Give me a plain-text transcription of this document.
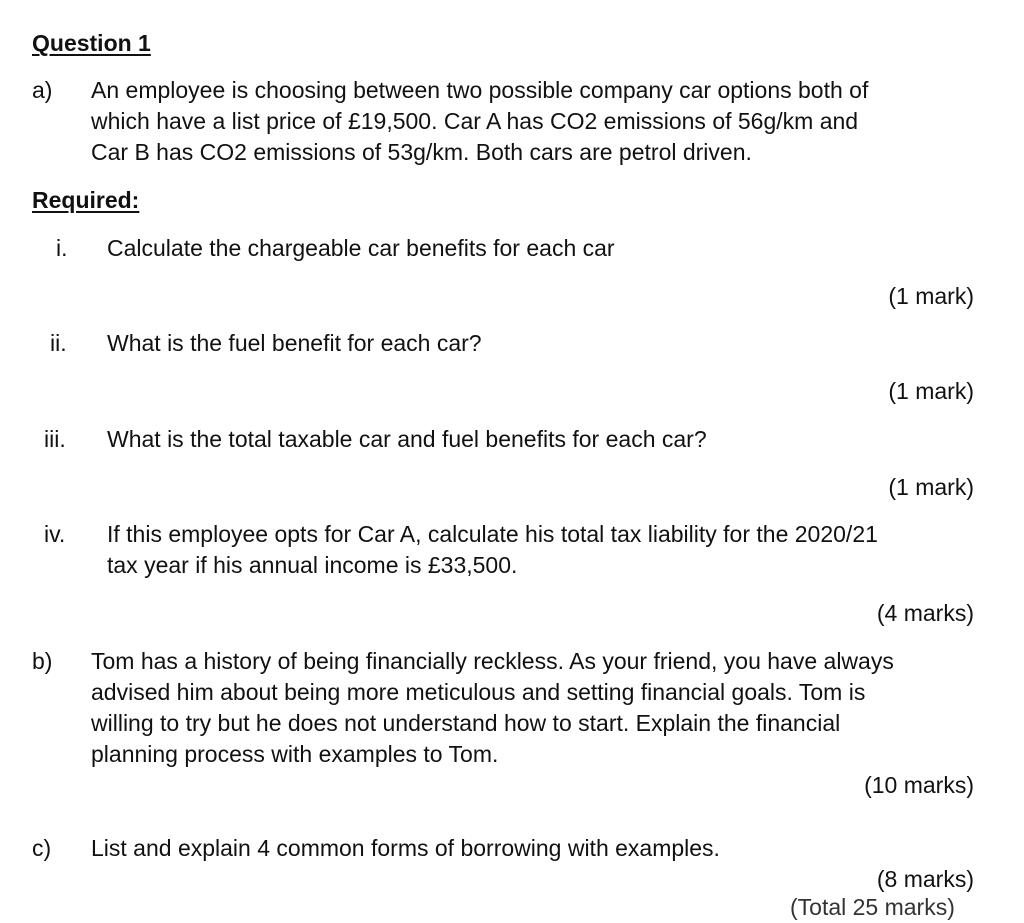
Question 1
a) An employee is choosing between two possible company car options both of
which have a list price of £19,500. Car A has CO2 emissions of 56g/km and
Car B has CO2 emissions of 53g/km. Both cars are petrol driven.
Required:
i. Calculate the chargeable car benefits for each car
(1 mark)
ii. What is the fuel benefit for each car?
(1 mark)
iii. What is the total taxable car and fuel benefits for each car?
(1 mark)
iv. If this employee opts for Car A, calculate his total tax liability for the 2020/21
tax year if his annual income is £33,500.
(4 marks)
b) Tom has a history of being financially reckless. As your friend, you have always
advised him about being more meticulous and setting financial goals. Tom is
willing to try but he does not understand how to start. Explain the financial
planning process with examples to Tom.
(10 marks)
c) List and explain 4 common forms of borrowing with examples.
(8 marks)
(Total 25 marks)
